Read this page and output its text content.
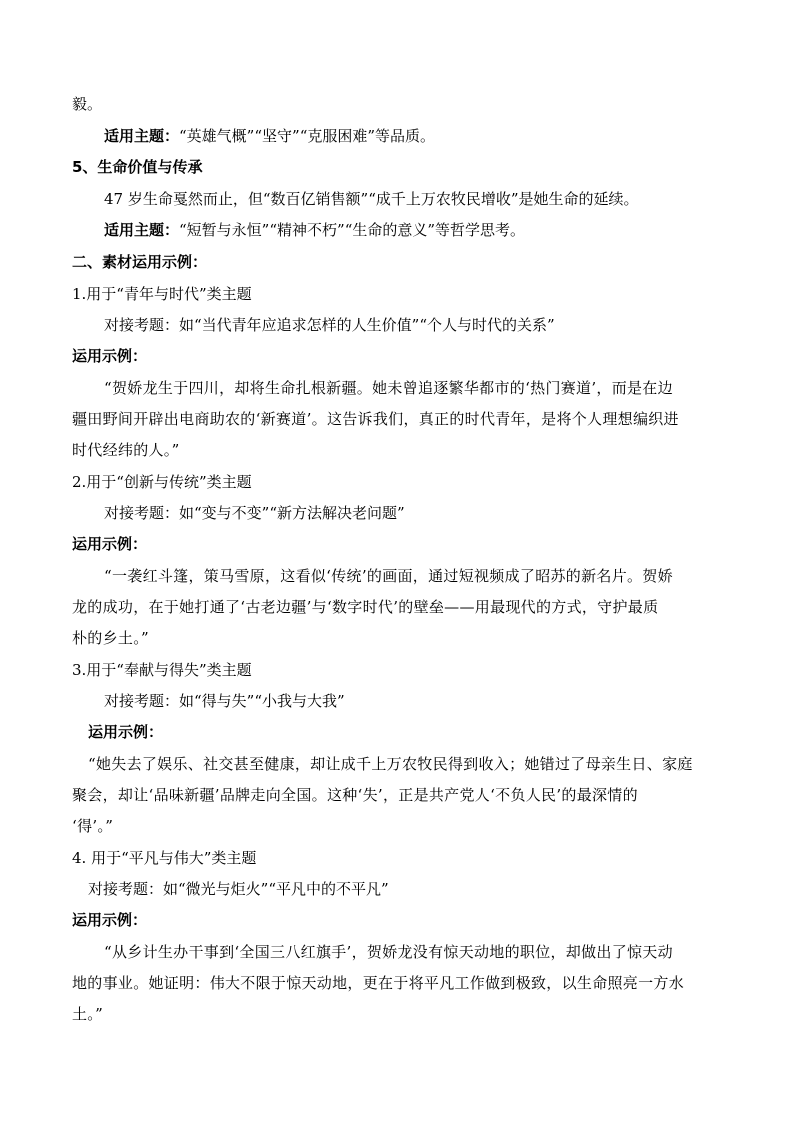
毅。
适用主题：“英雄气概”“坚守”“克服困难”等品质。
5、生命价值与传承
47 岁生命戛然而止，但“数百亿销售额”“成千上万农牧民增收”是她生命的延续。
适用主题：“短暂与永恒”“精神不朽”“生命的意义”等哲学思考。
二、素材运用示例：
1.用于“青年与时代”类主题
对接考题：如“当代青年应追求怎样的人生价值”“个人与时代的关系”
运用示例：
“贺娇龙生于四川，却将生命扎根新疆。她未曾追逐繁华都市的‘热门赛道’，而是在边
疆田野间开辟出电商助农的‘新赛道’。这告诉我们，真正的时代青年，是将个人理想编织进
时代经纬的人。”
2.用于“创新与传统”类主题
对接考题：如“变与不变”“新方法解决老问题”
运用示例：
“一袭红斗篷，策马雪原，这看似‘传统’的画面，通过短视频成了昭苏的新名片。贺娇
龙的成功，在于她打通了‘古老边疆’与‘数字时代’的壁垒——用最现代的方式，守护最质
朴的乡土。”
3.用于“奉献与得失”类主题
对接考题：如“得与失”“小我与大我”
运用示例：
“她失去了娱乐、社交甚至健康，却让成千上万农牧民得到收入；她错过了母亲生日、家庭
聚会，却让‘品味新疆’品牌走向全国。这种‘失’，正是共产党人‘不负人民’的最深情的
‘得’。”
4. 用于“平凡与伟大”类主题
对接考题：如“微光与炬火”“平凡中的不平凡”
运用示例：
“从乡计生办干事到‘全国三八红旗手’，贺娇龙没有惊天动地的职位，却做出了惊天动
地的事业。她证明：伟大不限于惊天动地，更在于将平凡工作做到极致，以生命照亮一方水
土。”
